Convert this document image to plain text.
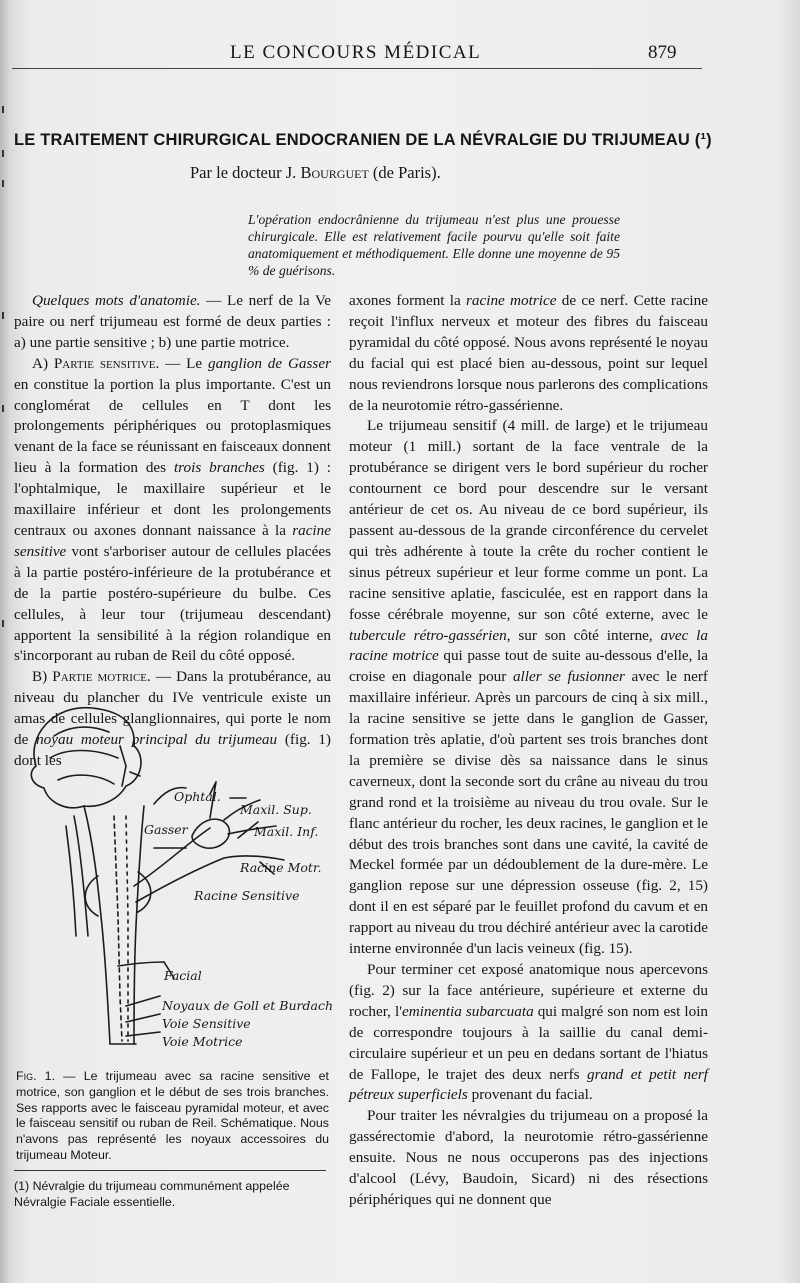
LE CONCOURS MÉDICAL	879
LE TRAITEMENT CHIRURGICAL ENDOCRANIEN DE LA NÉVRALGIE DU TRIJUMEAU (¹)
Par le docteur J. Bourguet (de Paris).
L'opération endocrânienne du trijumeau n'est plus une prouesse chirurgicale. Elle est relativement facile pourvu qu'elle soit faite anatomiquement et méthodiquement. Elle donne une moyenne de 95 % de guérisons.

Quelques mots d'anatomie. — Le nerf de la Ve paire ou nerf trijumeau est formé de deux parties : a) une partie sensitive ; b) une partie motrice.

A) Partie sensitive. — Le ganglion de Gasser en constitue la portion la plus importante. C'est un conglomérat de cellules en T dont les prolongements périphériques ou protoplasmiques venant de la face se réunissant en faisceaux donnent lieu à la formation des trois branches (fig. 1) : l'ophtalmique, le maxillaire supérieur et le maxillaire inférieur et dont les prolongements centraux ou axones donnant naissance à la racine sensitive vont s'arboriser autour de cellules placées à la partie postéro-inférieure de la protubérance et de la partie postéro-supérieure du bulbe. Ces cellules, à leur tour (trijumeau descendant) apportent la sensibilité à la région rolandique en s'incorporant au ruban de Reil du côté opposé.

B) Partie motrice. — Dans la protubérance, au niveau du plancher du IVe ventricule existe un amas de cellules glanglionnaires, qui porte le nom de noyau moteur principal du trijumeau (fig. 1) dont les

Ophtal.
Maxil. Sup.
Maxil. Inf.
Gasser
Racine Motr.
Racine Sensitive
Facial
Noyaux de Goll et Burdach
Voie Sensitive
Voie Motrice
Fig. 1. — Le trijumeau avec sa racine sensitive et motrice, son ganglion et le début de ses trois branches. Ses rapports avec le faisceau pyramidal moteur, et avec le faisceau sensitif ou ruban de Reil. Schématique. Nous n'avons pas représenté les noyaux accessoires du trijumeau Moteur.
(1) Névralgie du trijumeau communément appelée Névralgie Faciale essentielle.

axones forment la racine motrice de ce nerf. Cette racine reçoit l'influx nerveux et moteur des fibres du faisceau pyramidal du côté opposé. Nous avons représenté le noyau du facial qui est placé bien au-dessous, point sur lequel nous reviendrons lorsque nous parlerons des complications de la neurotomie rétro-gassérienne.

Le trijumeau sensitif (4 mill. de large) et le trijumeau moteur (1 mill.) sortant de la face ventrale de la protubérance se dirigent vers le bord supérieur du rocher contournent ce bord pour descendre sur le versant antérieur de cet os. Au niveau de ce bord supérieur, ils passent au-dessous de la grande circonférence du cervelet qui très adhérente à toute la crête du rocher contient le sinus pétreux supérieur et leur forme comme un pont. La racine sensitive aplatie, fasciculée, est en rapport dans la fosse cérébrale moyenne, sur son côté externe, avec le tubercule rétro-gassérien, sur son côté interne, avec la racine motrice qui passe tout de suite au-dessous d'elle, la croise en diagonale pour aller se fusionner avec le nerf maxillaire inférieur. Après un parcours de cinq à six mill., la racine sensitive se jette dans le ganglion de Gasser, formation très aplatie, d'où partent ses trois branches dont la première se divise dès sa naissance dans le sinus caverneux, dont la seconde sort du crâne au niveau du trou grand rond et la troisième au niveau du trou ovale. Sur le flanc antérieur du rocher, les deux racines, le ganglion et le début des trois branches sont dans une cavité, la cavité de Meckel formée par un dédoublement de la dure-mère. Le ganglion repose sur une dépression osseuse (fig. 2, 15) dont il en est séparé par le feuillet profond du cavum et en rapport au niveau du trou déchiré antérieur avec la carotide interne environnée d'un lacis veineux (fig. 15).

Pour terminer cet exposé anatomique nous apercevons (fig. 2) sur la face antérieure, supérieure et externe du rocher, l'eminentia subarcuata qui malgré son nom est loin de correspondre toujours à la saillie du canal demi-circulaire supérieur et un peu en dedans sortant de l'hiatus de Fallope, le trajet des deux nerfs grand et petit nerf pétreux superficiels provenant du facial.

Pour traiter les névralgies du trijumeau on a proposé la gassérectomie d'abord, la neurotomie rétro-gassérienne ensuite. Nous ne nous occuperons pas des injections d'alcool (Lévy, Baudoin, Sicard) ni des résections périphériques qui ne donnent que
